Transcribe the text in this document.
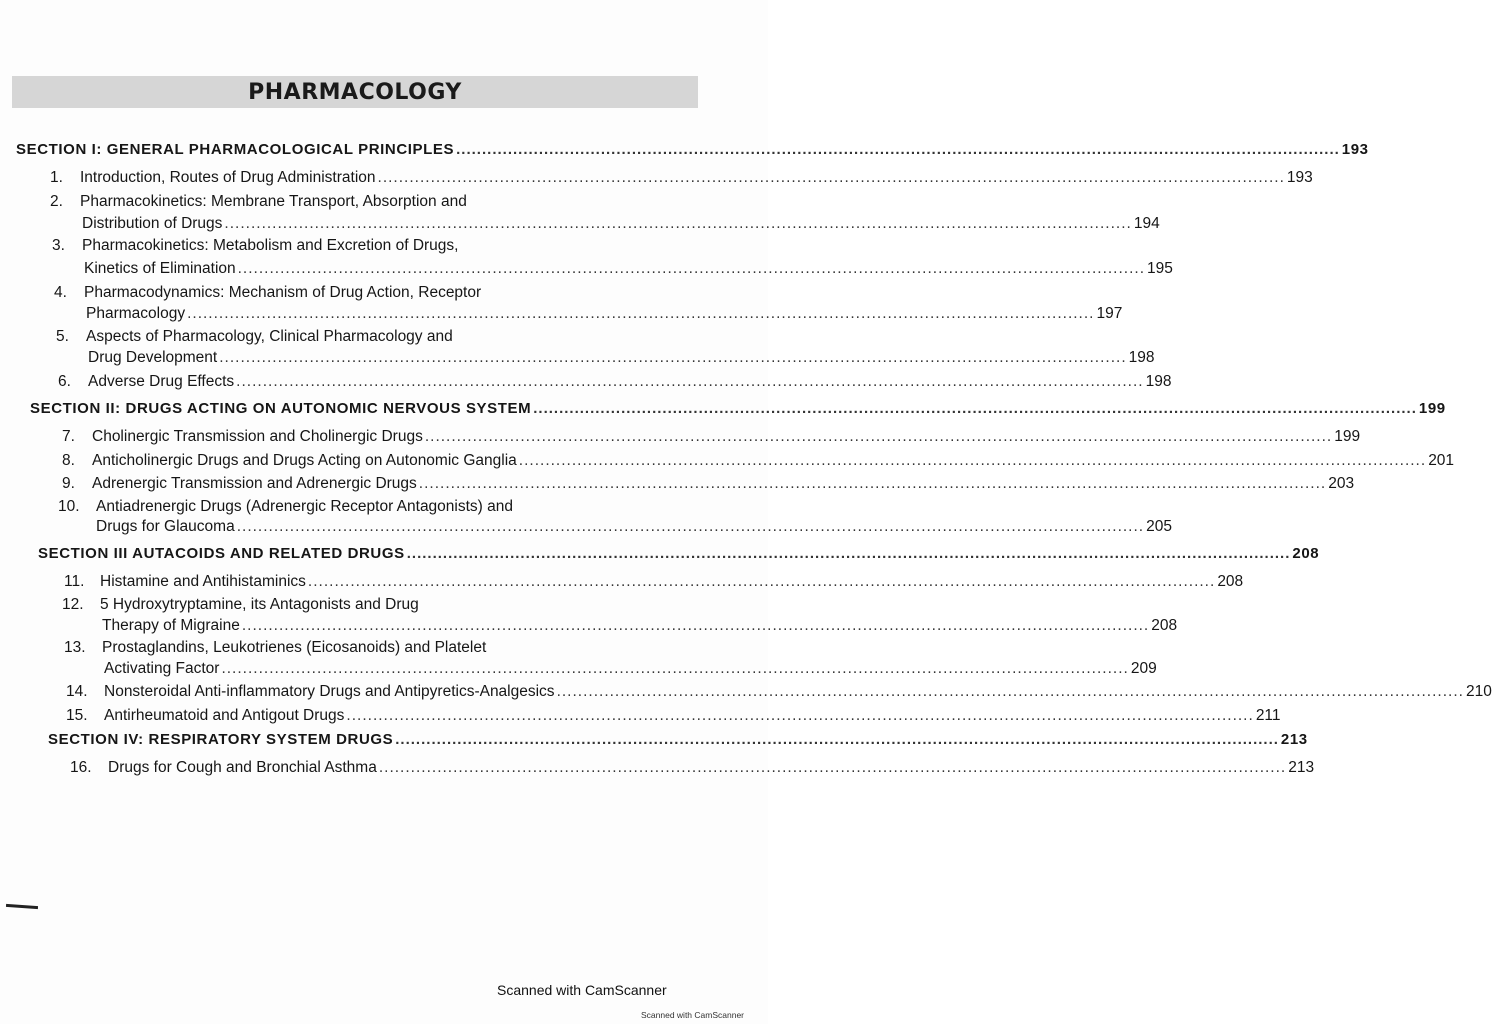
PHARMACOLOGY
SECTION I: GENERAL PHARMACOLOGICAL PRINCIPLES ........................................................................................................................................................................... 193
1.	Introduction, Routes of Drug Administration ........................................................................................................................................................................... 193
2.	Pharmacokinetics: Membrane Transport, Absorption and
Distribution of Drugs ........................................................................................................................................................................... 194
3.	Pharmacokinetics: Metabolism and Excretion of Drugs,
Kinetics of Elimination ........................................................................................................................................................................... 195
4.	Pharmacodynamics: Mechanism of Drug Action, Receptor
Pharmacology ........................................................................................................................................................................... 197
5.	Aspects of Pharmacology, Clinical Pharmacology and
Drug Development ........................................................................................................................................................................... 198
6.	Adverse Drug Effects ........................................................................................................................................................................... 198
SECTION II: DRUGS ACTING ON AUTONOMIC NERVOUS SYSTEM ........................................................................................................................................................................... 199
7.	Cholinergic Transmission and Cholinergic Drugs ........................................................................................................................................................................... 199
8.	Anticholinergic Drugs and Drugs Acting on Autonomic Ganglia ........................................................................................................................................................................... 201
9.	Adrenergic Transmission and Adrenergic Drugs ........................................................................................................................................................................... 203
10.	Antiadrenergic Drugs (Adrenergic Receptor Antagonists) and
Drugs for Glaucoma ........................................................................................................................................................................... 205
SECTION III AUTACOIDS AND RELATED DRUGS ........................................................................................................................................................................... 208
11.	Histamine and Antihistaminics ........................................................................................................................................................................... 208
12.	5 Hydroxytryptamine, its Antagonists and Drug
Therapy of Migraine ........................................................................................................................................................................... 208
13.	Prostaglandins, Leukotrienes (Eicosanoids) and Platelet
Activating Factor ........................................................................................................................................................................... 209
14.	Nonsteroidal Anti-inflammatory Drugs and Antipyretics-Analgesics ........................................................................................................................................................................... 210
15.	Antirheumatoid and Antigout Drugs ........................................................................................................................................................................... 211
SECTION IV: RESPIRATORY SYSTEM DRUGS ........................................................................................................................................................................... 213
16.	Drugs for Cough and Bronchial Asthma ........................................................................................................................................................................... 213
Scanned with CamScanner
Scanned with CamScanner
